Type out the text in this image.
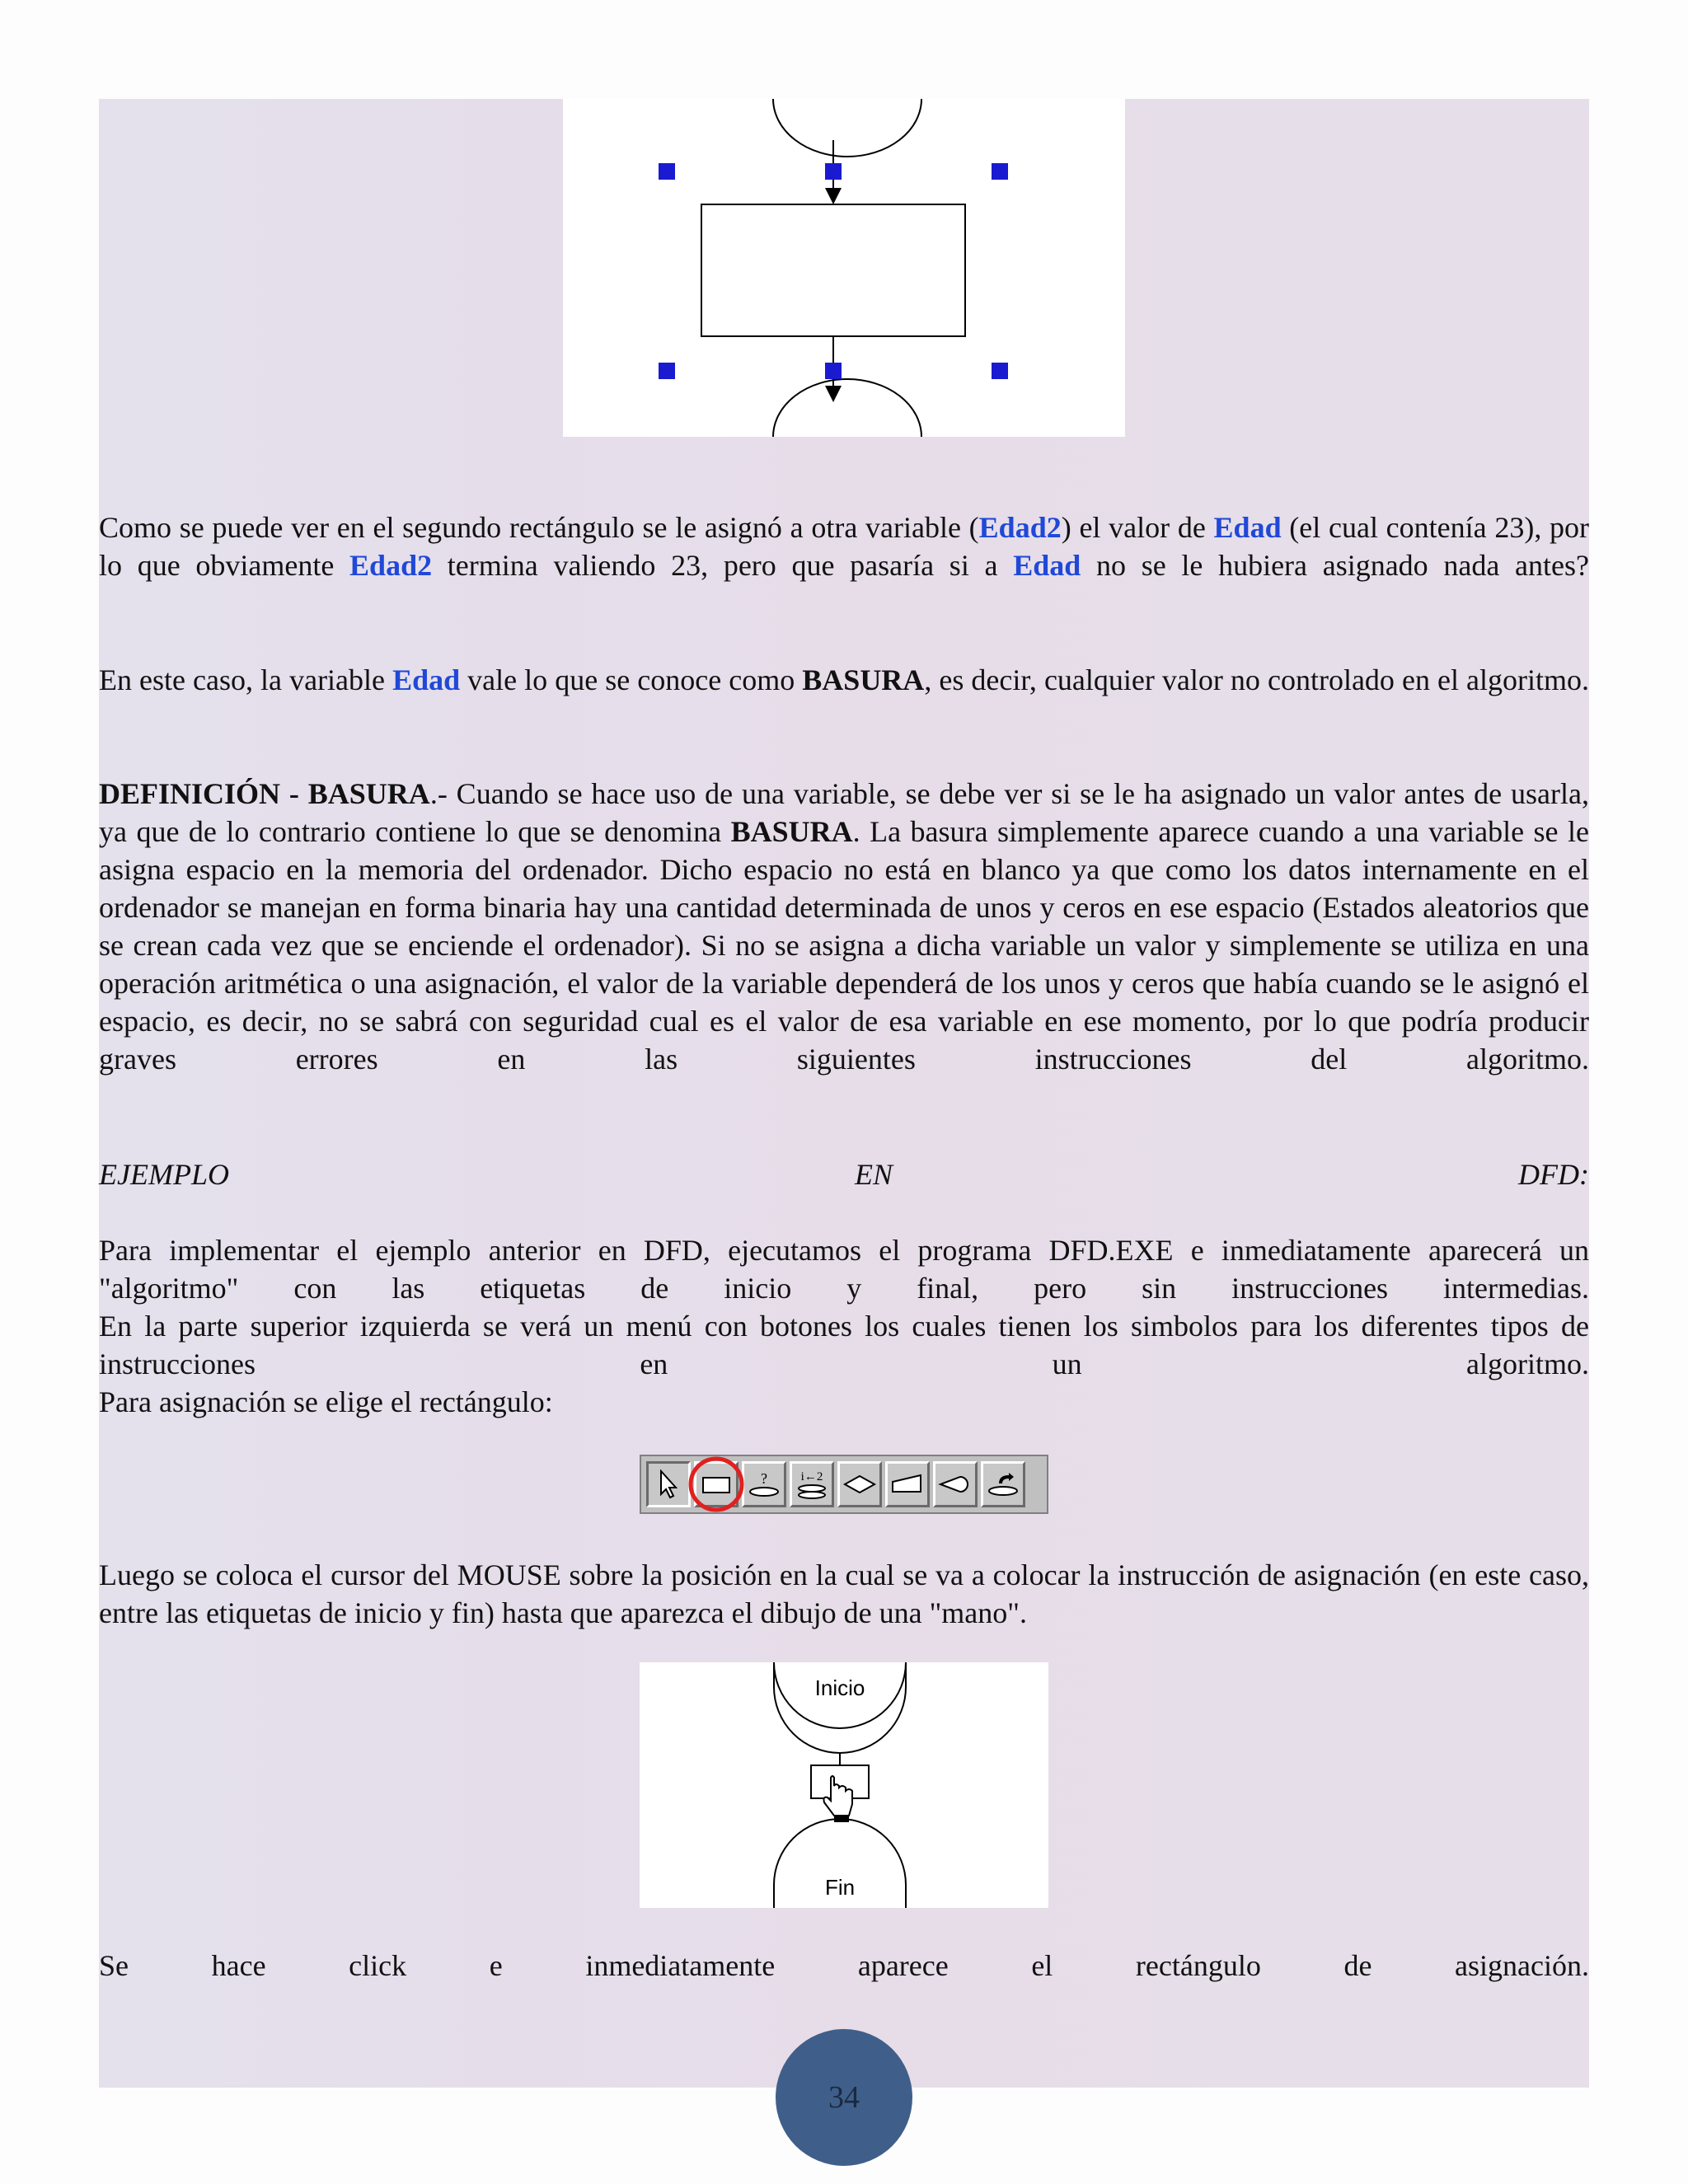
Como se puede ver en el segundo rectángulo se le asignó a otra variable (Edad2) el valor de Edad (el cual contenía 23), por lo que obviamente Edad2 termina valiendo 23, pero que pasaría si a Edad no se le hubiera asignado nada antes?

En este caso, la variable Edad vale lo que se conoce como BASURA, es decir, cualquier valor no controlado en el algoritmo.

DEFINICIÓN - BASURA.- Cuando se hace uso de una variable, se debe ver si se le ha asignado un valor antes de usarla, ya que de lo contrario contiene lo que se denomina BASURA. La basura simplemente aparece cuando a una variable se le asigna espacio en la memoria del ordenador. Dicho espacio no está en blanco ya que como los datos internamente en el ordenador se manejan en forma binaria hay una cantidad determinada de unos y ceros en ese espacio (Estados aleatorios que se crean cada vez que se enciende el ordenador). Si no se asigna a dicha variable un valor y simplemente se utiliza en una operación aritmética o una asignación, el valor de la variable dependerá de los unos y ceros que había cuando se le asignó el espacio, es decir, no se sabrá con seguridad cual es el valor de esa variable en ese momento, por lo que podría producir graves errores en las siguientes instrucciones del algoritmo.

EJEMPLO EN DFD:

Para implementar el ejemplo anterior en DFD, ejecutamos el programa DFD.EXE e inmediatamente aparecerá un "algoritmo" con las etiquetas de inicio y final, pero sin instrucciones intermedias.

En la parte superior izquierda se verá un menú con botones los cuales tienen los simbolos para los diferentes tipos de instrucciones en un algoritmo.

Para asignación se elige el rectángulo:

?	i←2

Luego se coloca el cursor del MOUSE sobre la posición en la cual se va a colocar la instrucción de asignación (en este caso, entre las etiquetas de inicio y fin) hasta que aparezca el dibujo de una "mano".

Inicio
Fin

Se hace click e inmediatamente aparece el rectángulo de asignación.

34
